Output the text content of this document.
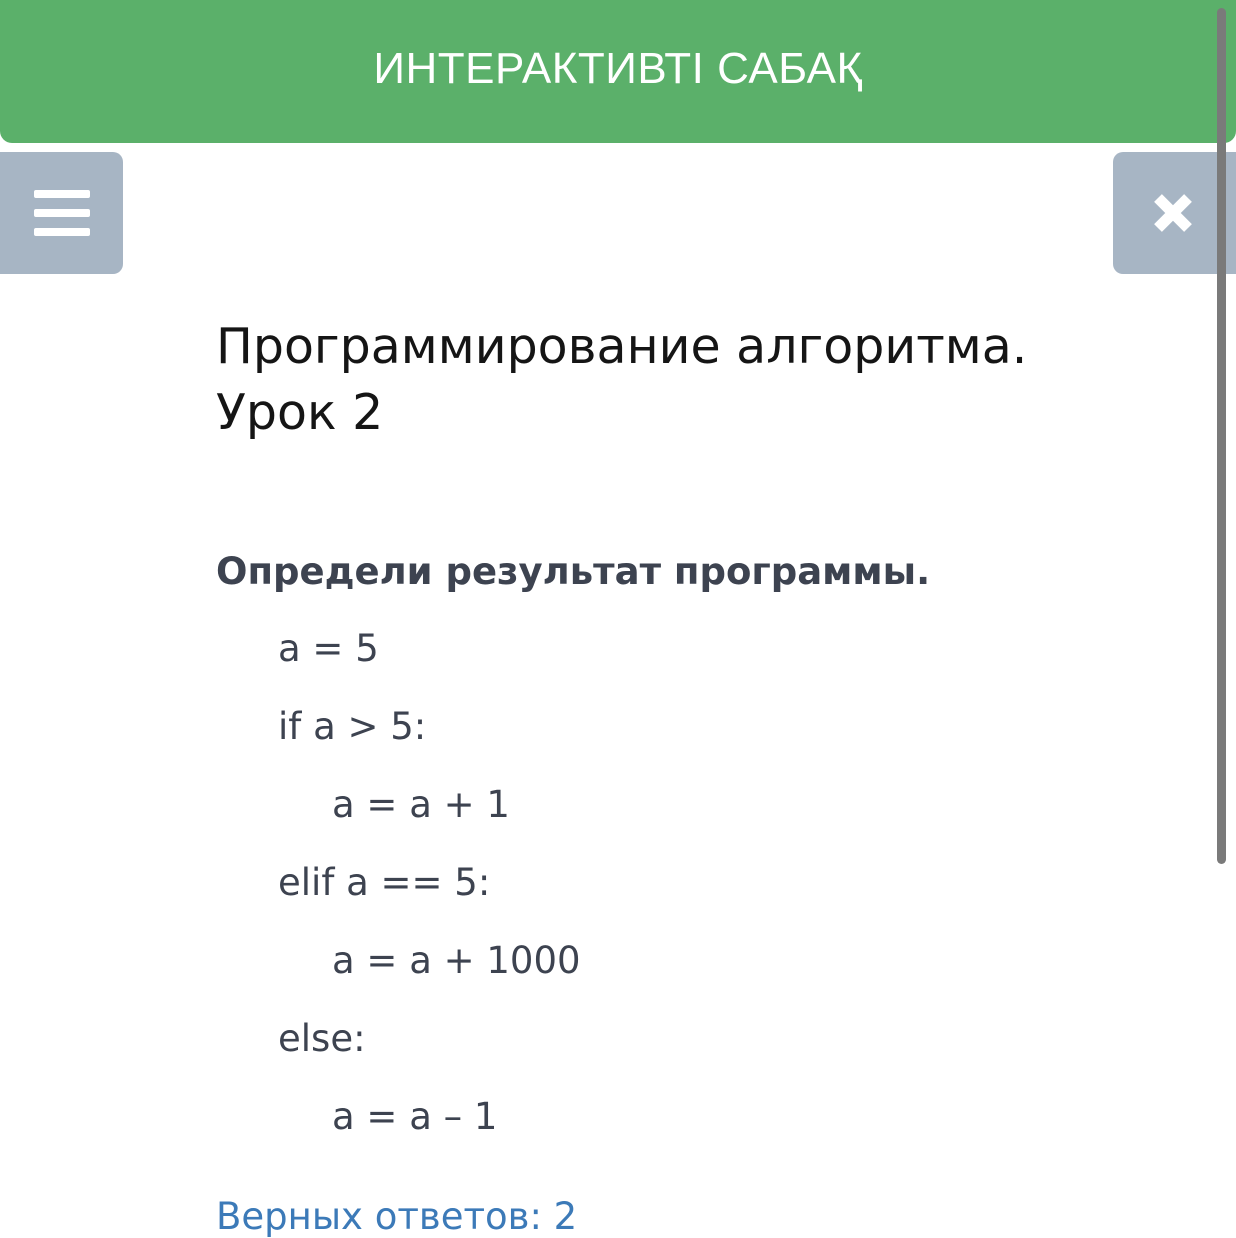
ИНТЕРАКТИВТІ САБАҚ
Программирование алгоритма.
Урок 2

Определи результат программы.

a = 5

if a > 5:

a = a + 1

elif a == 5:

a = a + 1000

else:

a = a – 1

Верных ответов: 2
